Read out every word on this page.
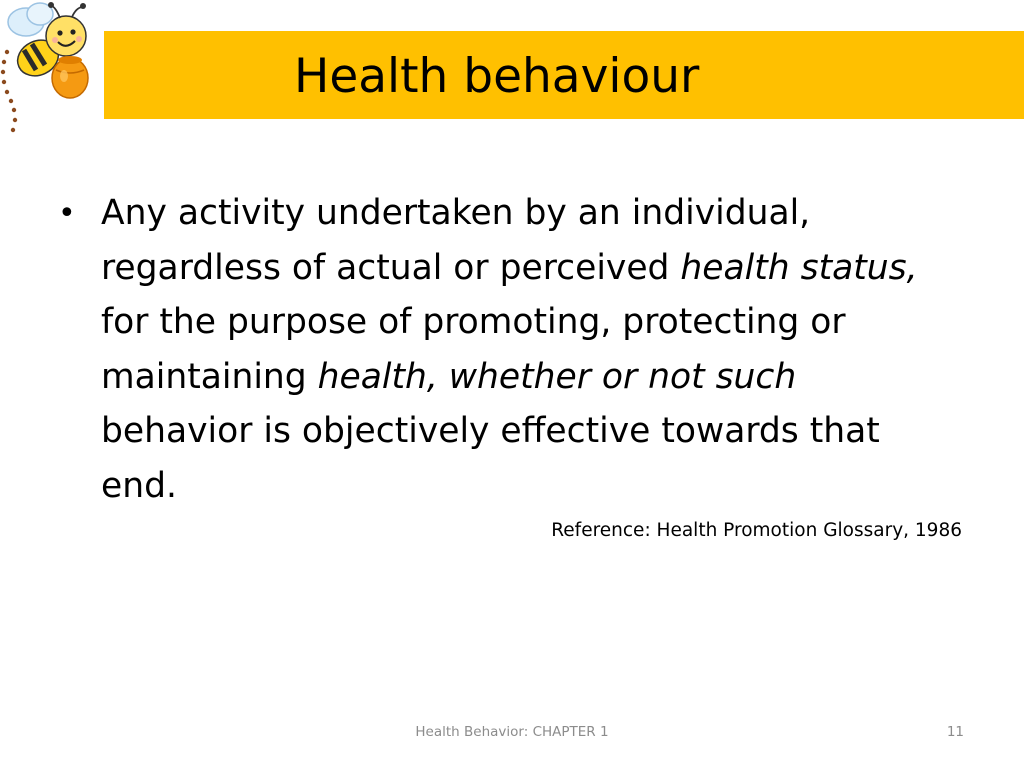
Health behaviour
• Any activity undertaken by an individual,
regardless of actual or perceived health status,
for the purpose of promoting, protecting or
maintaining health, whether or not such
behavior is objectively effective towards that
end.
Reference: Health Promotion Glossary, 1986
Health Behavior: CHAPTER 1	11
